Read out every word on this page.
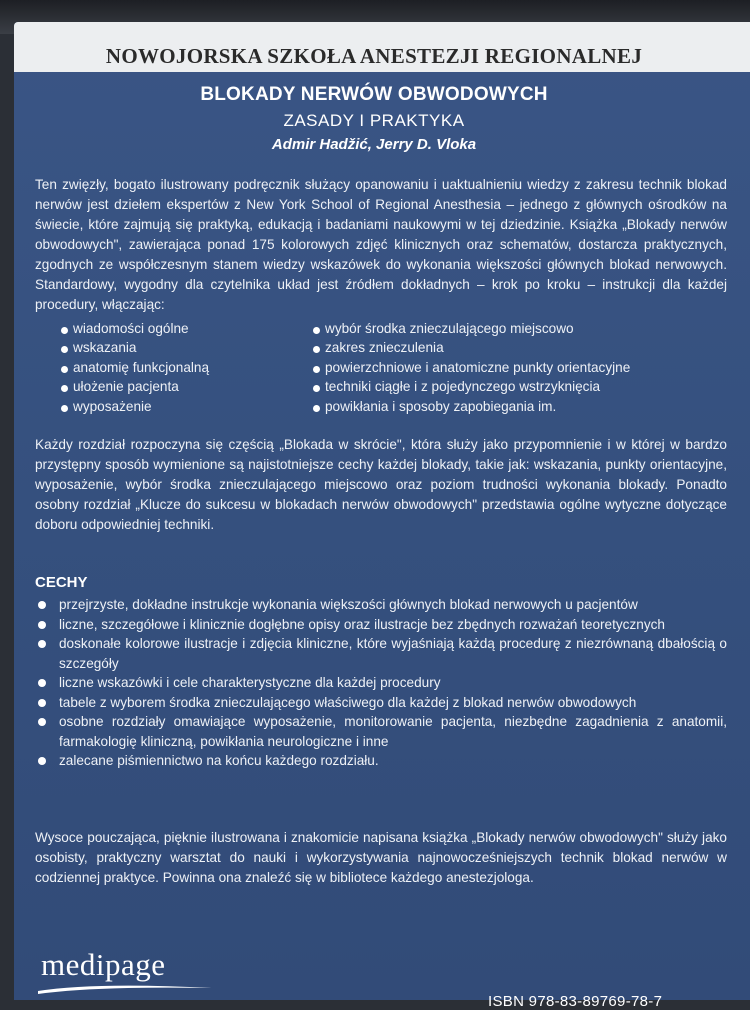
NOWOJORSKA SZKOŁA ANESTEZJI REGIONALNEJ
BLOKADY NERWÓW OBWODOWYCH
ZASADY I PRAKTYKA
Admir Hadžić, Jerry D. Vloka

Ten zwięzły, bogato ilustrowany podręcznik służący opanowaniu i uaktualnieniu wiedzy z zakresu technik blokad nerwów jest dziełem ekspertów z New York School of Regional Anesthesia – jednego z głównych ośrodków na świecie, które zajmują się praktyką, edukacją i badaniami naukowymi w tej dziedzinie. Książka „Blokady nerwów obwodowych", zawierająca ponad 175 kolorowych zdjęć klinicznych oraz schematów, dostarcza praktycznych, zgodnych ze współczesnym stanem wiedzy wskazówek do wykonania większości głównych blokad nerwowych. Standardowy, wygodny dla czytelnika układ jest źródłem dokładnych – krok po kroku – instrukcji dla każdej procedury, włączając:

wiadomości ogólne
wskazania
anatomię funkcjonalną
ułożenie pacjenta
wyposażenie
wybór środka znieczulającego miejscowo
zakres znieczulenia
powierzchniowe i anatomiczne punkty orientacyjne
techniki ciągłe i z pojedynczego wstrzyknięcia
powikłania i sposoby zapobiegania im.

Każdy rozdział rozpoczyna się częścią „Blokada w skrócie", która służy jako przypomnienie i w której w bardzo przystępny sposób wymienione są najistotniejsze cechy każdej blokady, takie jak: wskazania, punkty orientacyjne, wyposażenie, wybór środka znieczulającego miejscowo oraz poziom trudności wykonania blokady. Ponadto osobny rozdział „Klucze do sukcesu w blokadach nerwów obwodowych" przedstawia ogólne wytyczne dotyczące doboru odpowiedniej techniki.

CECHY
przejrzyste, dokładne instrukcje wykonania większości głównych blokad nerwowych u pacjentów
liczne, szczegółowe i klinicznie dogłębne opisy oraz ilustracje bez zbędnych rozważań teoretycznych
doskonałe kolorowe ilustracje i zdjęcia kliniczne, które wyjaśniają każdą procedurę z niezrównaną dbałością o szczegóły
liczne wskazówki i cele charakterystyczne dla każdej procedury
tabele z wyborem środka znieczulającego właściwego dla każdej z blokad nerwów obwodowych
osobne rozdziały omawiające wyposażenie, monitorowanie pacjenta, niezbędne zagadnienia z anatomii, farmakologię kliniczną, powikłania neurologiczne i inne
zalecane piśmiennictwo na końcu każdego rozdziału.

Wysoce pouczająca, pięknie ilustrowana i znakomicie napisana książka „Blokady nerwów obwodowych" służy jako osobisty, praktyczny warsztat do nauki i wykorzystywania najnowocześniejszych technik blokad nerwów w codziennej praktyce. Powinna ona znaleźć się w bibliotece każdego anestezjologa.

medipage
ISBN 978-83-89769-78-7
